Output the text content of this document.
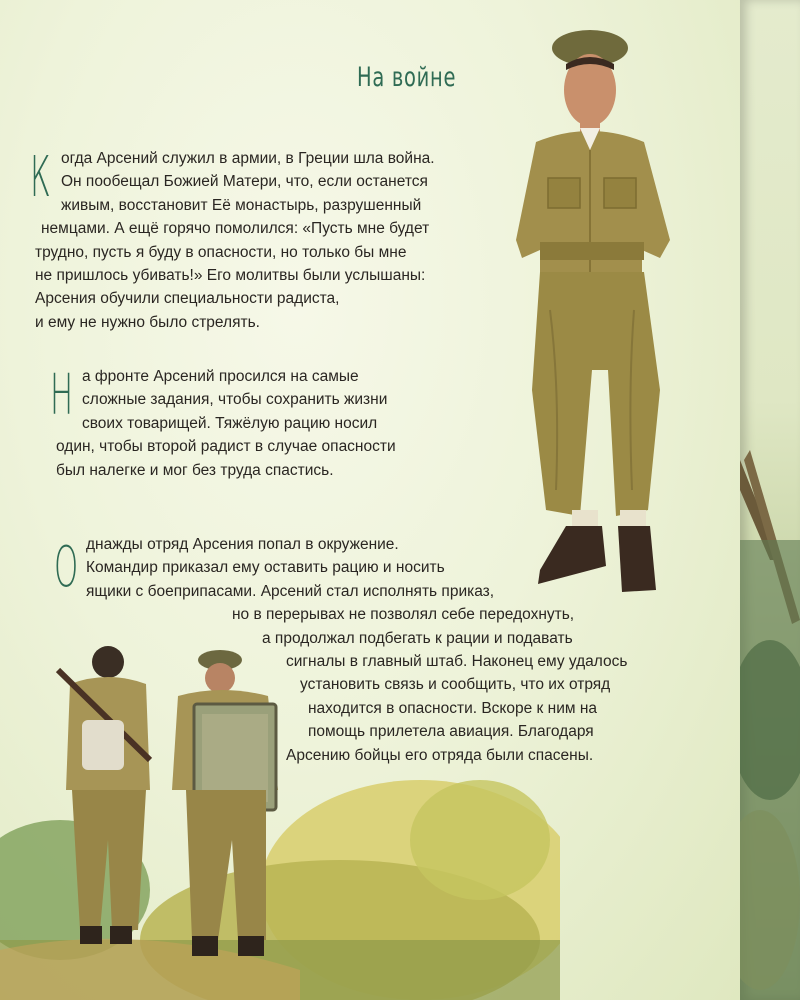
На войне
К огда Арсений служил в армии, в Греции шла война.
Он пообещал Божией Матери, что, если останется
живым, восстановит Её монастырь, разрушенный
немцами. А ещё горячо помолился: «Пусть мне будет
трудно, пусть я буду в опасности, но только бы мне
не пришлось убивать!» Его молитвы были услышаны:
Арсения обучили специальности радиста,
и ему не нужно было стрелять.
Н а фронте Арсений просился на самые
сложные задания, чтобы сохранить жизни
своих товарищей. Тяжёлую рацию носил
один, чтобы второй радист в случае опасности
был налегке и мог без труда спастись.
О днажды отряд Арсения попал в окружение.
Командир приказал ему оставить рацию и носить
ящики с боеприпасами. Арсений стал исполнять приказ,
но в перерывах не позволял себе передохнуть,
а продолжал подбегать к рации и подавать
сигналы в главный штаб. Наконец ему удалось
установить связь и сообщить, что их отряд
находится в опасности. Вскоре к ним на
помощь прилетела авиация. Благодаря
Арсению бойцы его отряда были спасены.
